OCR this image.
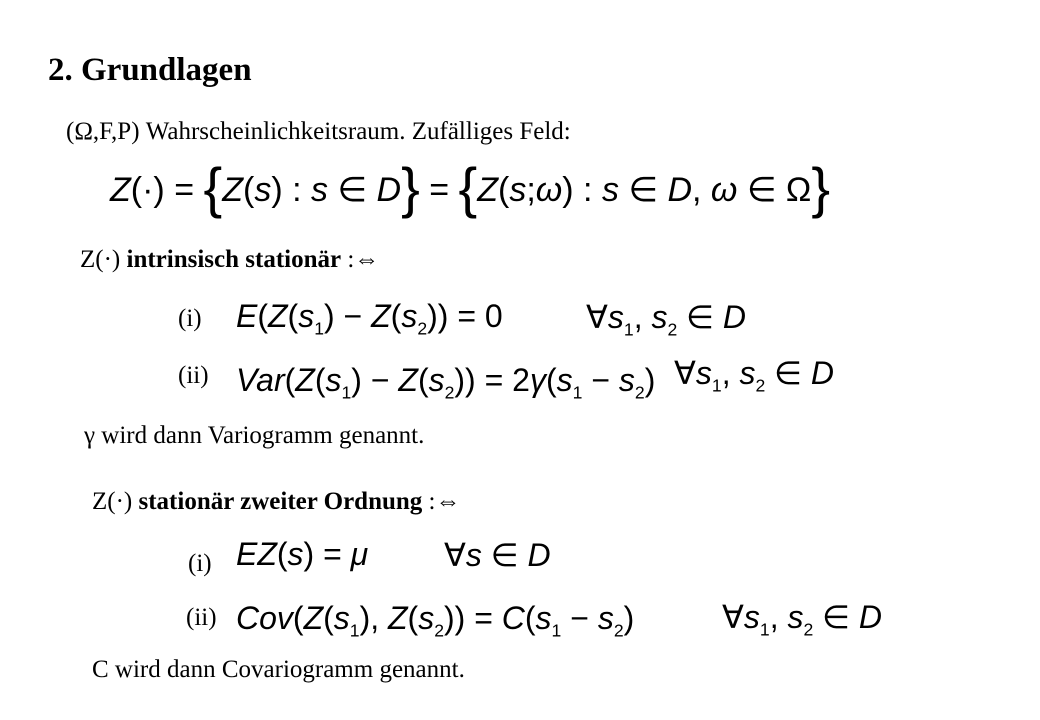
2. Grundlagen
(Ω,F,P) Wahrscheinlichkeitsraum. Zufälliges Feld:
Z(·) = {Z(s) : s ∈ D} = {Z(s;ω) : s ∈ D, ω ∈ Ω}
Z(·) intrinsisch stationär :⇔
(i) $E(Z(s_1) - Z(s_2)) = 0$	$\forall s_1$, $s_2$ ∈ D
(ii) $Var(Z(s_1) - Z(s_2)) = 2\gamma(s_1 - s_2)$ $\forall s_1$, $s_2$ ∈ D
γ wird dann Variogramm genannt.
Z(·) stationär zweiter Ordnung :⇔
(i) EZ(s) = μ ∀s ∈ D
(ii) $Cov(Z(s_1)$, $Z(s_2)) = C(s_1 - s_2)$	$\forall s_1$, $s_2$ ∈ D
C wird dann Covariogramm genannt.
